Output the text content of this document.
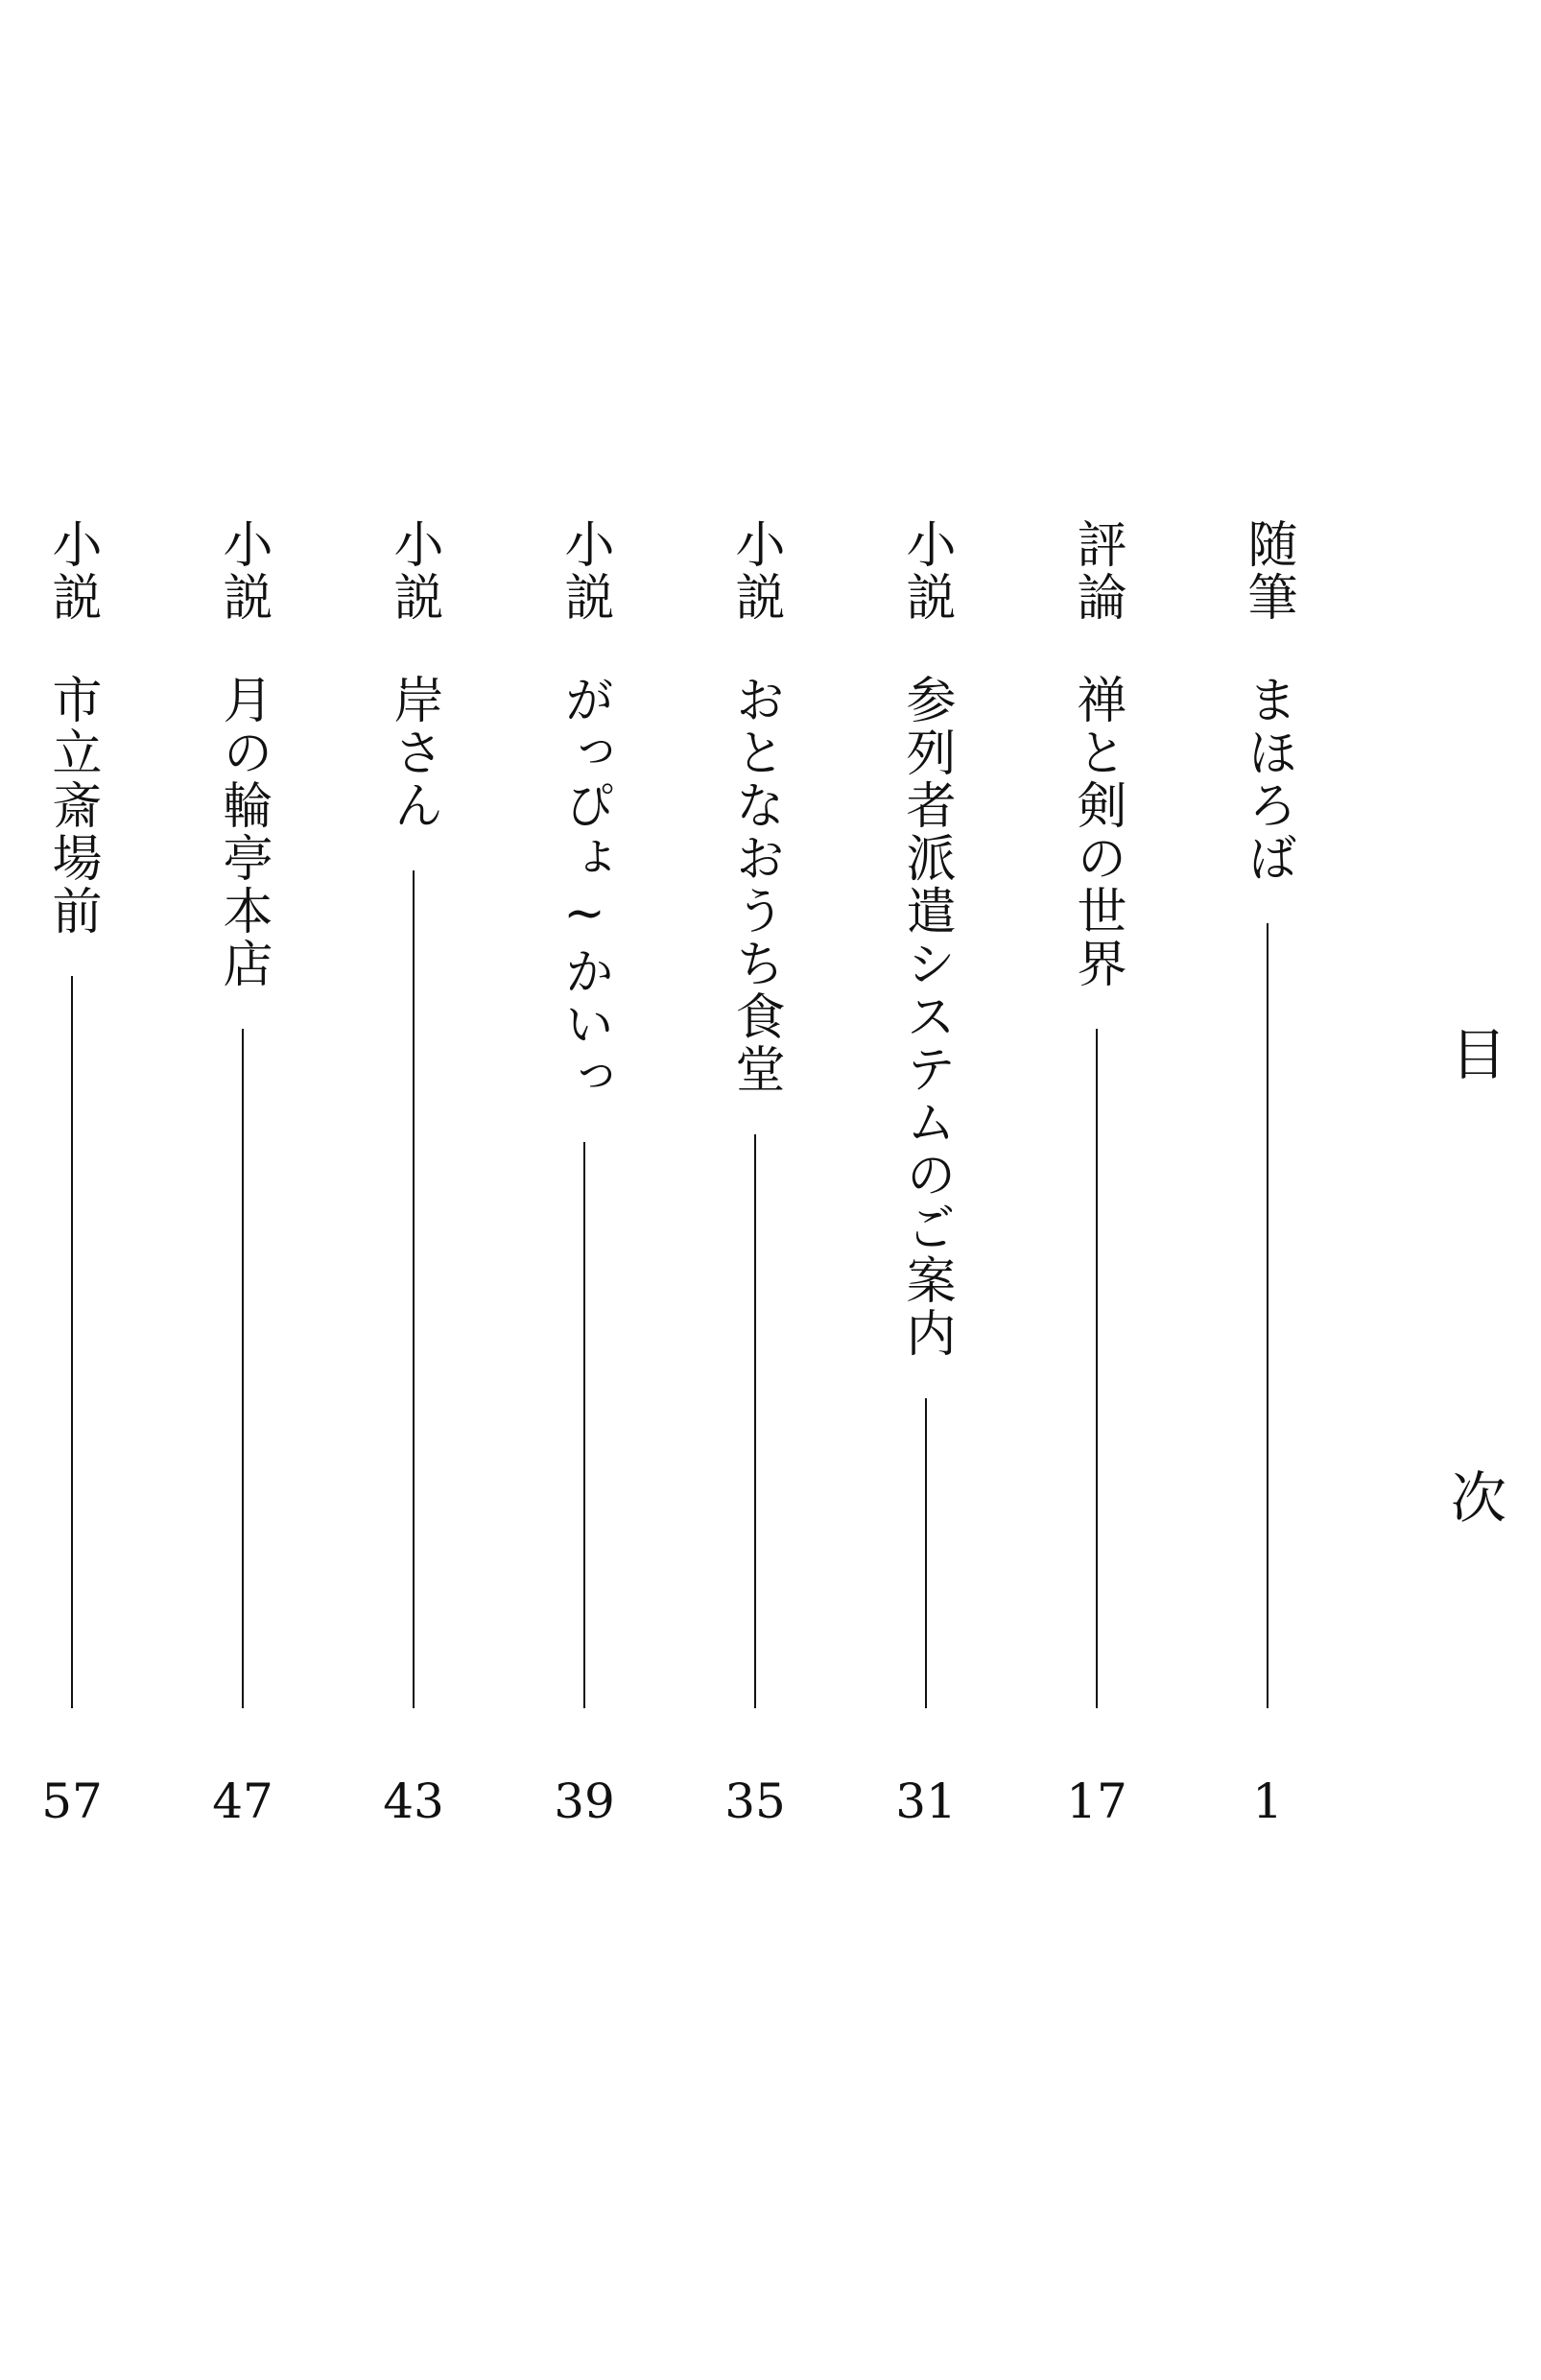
目
次
随筆
まほろば
1
評論
禅と剣の世界
17
小説
参列者派遣システムのご案内
31
小説
おとなおうち食堂
35
小説
がっぴょ~かいっ
39
小説
岸さん
43
小説
月の輪亭本店
47
小説
市立斎場前
57
